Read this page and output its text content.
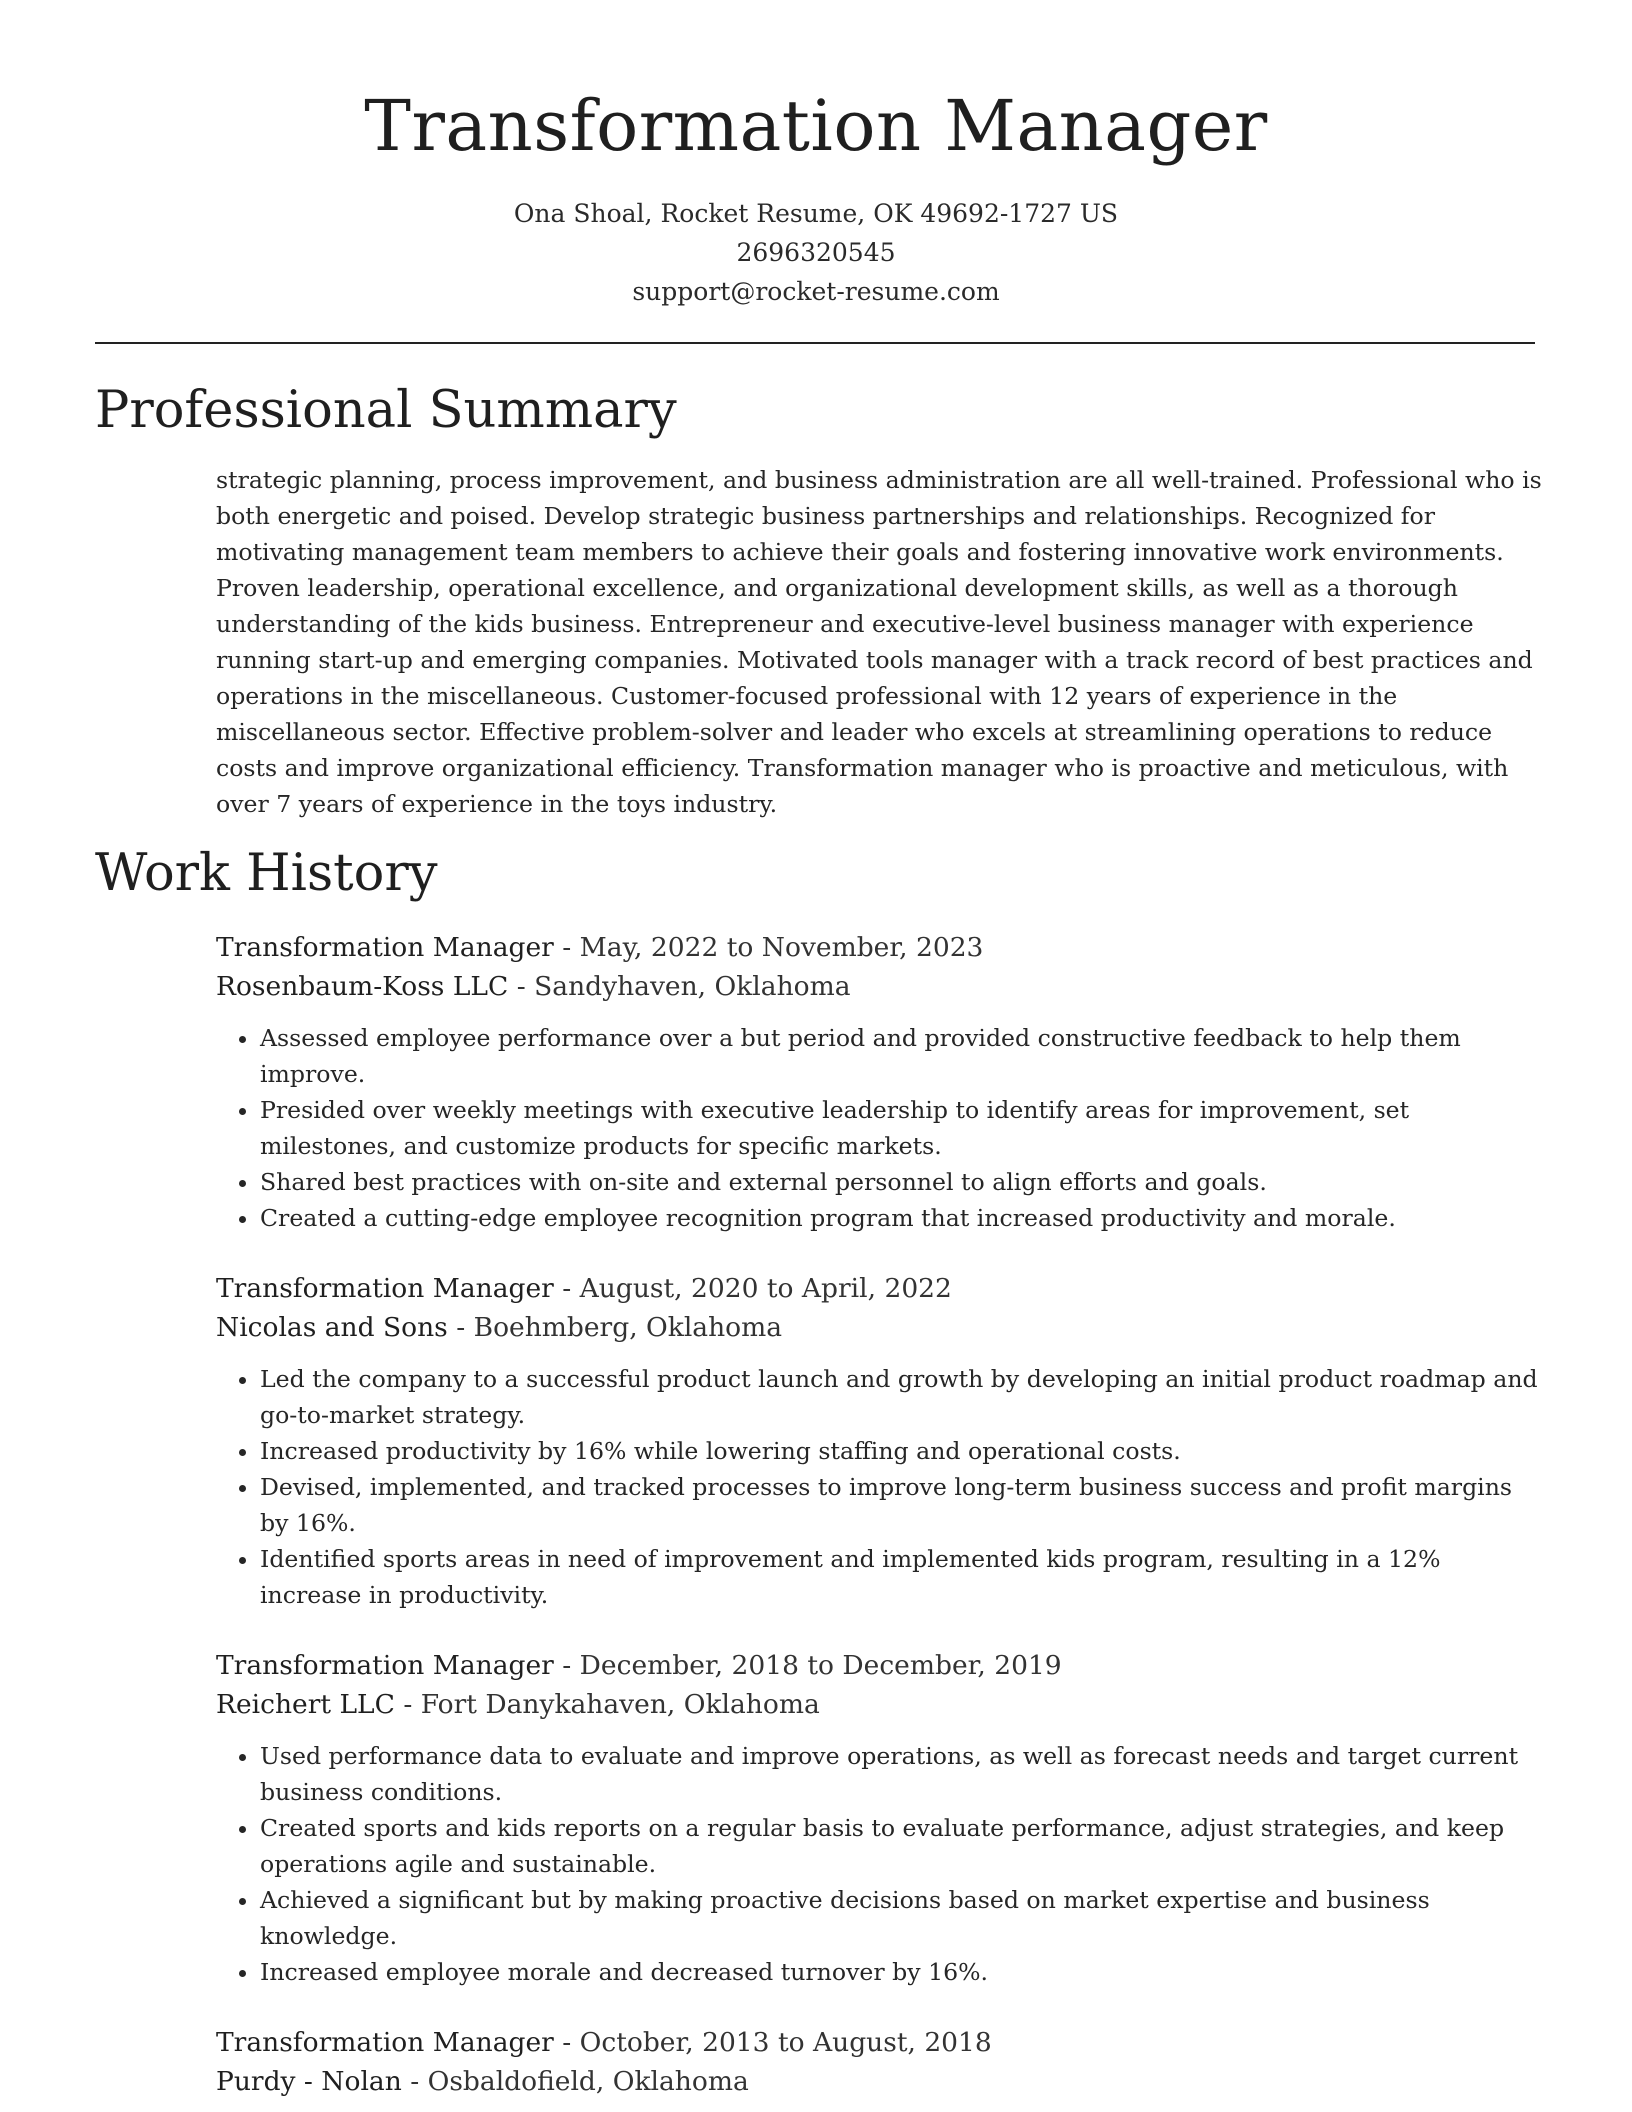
Transformation Manager
Ona Shoal, Rocket Resume, OK 49692-1727 US
2696320545
support@rocket-resume.com
Professional Summary

strategic planning, process improvement, and business administration are all well-trained. Professional who is both energetic and poised. Develop strategic business partnerships and relationships. Recognized for motivating management team members to achieve their goals and fostering innovative work environments. Proven leadership, operational excellence, and organizational development skills, as well as a thorough understanding of the kids business. Entrepreneur and executive-level business manager with experience running start-up and emerging companies. Motivated tools manager with a track record of best practices and operations in the miscellaneous. Customer-focused professional with 12 years of experience in the miscellaneous sector. Effective problem-solver and leader who excels at streamlining operations to reduce costs and improve organizational efficiency. Transformation manager who is proactive and meticulous, with over 7 years of experience in the toys industry.

Work History
Transformation Manager - May, 2022 to November, 2023
Rosenbaum-Koss LLC - Sandyhaven, Oklahoma
• Assessed employee performance over a but period and provided constructive feedback to help them improve.
• Presided over weekly meetings with executive leadership to identify areas for improvement, set milestones, and customize products for specific markets.
• Shared best practices with on-site and external personnel to align efforts and goals.
• Created a cutting-edge employee recognition program that increased productivity and morale.
Transformation Manager - August, 2020 to April, 2022
Nicolas and Sons - Boehmberg, Oklahoma
• Led the company to a successful product launch and growth by developing an initial product roadmap and go-to-market strategy.
• Increased productivity by 16% while lowering staffing and operational costs.
• Devised, implemented, and tracked processes to improve long-term business success and profit margins by 16%.
• Identified sports areas in need of improvement and implemented kids program, resulting in a 12% increase in productivity.
Transformation Manager - December, 2018 to December, 2019
Reichert LLC - Fort Danykahaven, Oklahoma
• Used performance data to evaluate and improve operations, as well as forecast needs and target current business conditions.
• Created sports and kids reports on a regular basis to evaluate performance, adjust strategies, and keep operations agile and sustainable.
• Achieved a significant but by making proactive decisions based on market expertise and business knowledge.
• Increased employee morale and decreased turnover by 16%.
Transformation Manager - October, 2013 to August, 2018
Purdy - Nolan - Osbaldofield, Oklahoma
